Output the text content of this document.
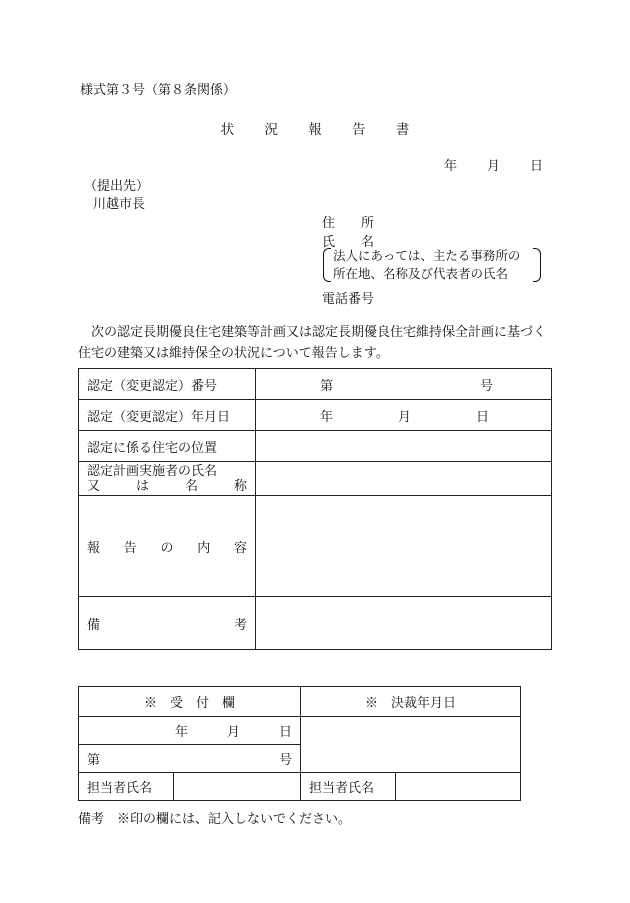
様式第３号（第８条関係）
状 況 報 告 書
年 月 日
（提出先）
川越市長
住　　所
氏　　名
法人にあっては、主たる事務所の
所在地、名称及び代表者の氏名
電話番号
　次の認定長期優良住宅建築等計画又は認定長期優良住宅維持保全計画に基づく住宅の建築又は維持保全の状況について報告します。
認定（変更認定）番号	第 号

認定（変更認定）年月日	年 月 日

認定に係る住宅の位置	

認定計画実施者の氏名
又 は 名 称	

報 告 の 内 容	

備 考	

※　受　付　欄		※　決裁年月日	

年 月 日			

第 号			

担当者氏名		担当者氏名	
備考　※印の欄には、記入しないでください。
